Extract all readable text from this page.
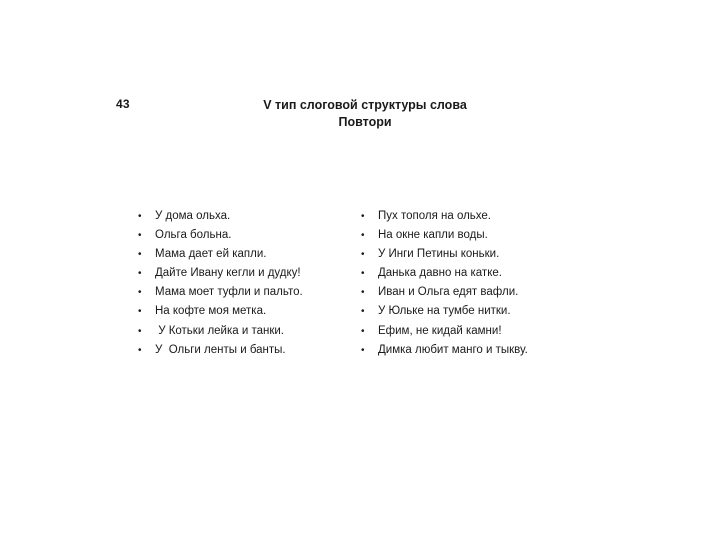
43	V тип слоговой структуры слова
Повтори
• У дома ольха.
• Ольга больна.
• Мама дает ей капли.
• Дайте Ивану кегли и дудку!
• Мама моет туфли и пальто.
• На кофте моя метка.
• У Котьки лейка и танки.
• У  Ольги ленты и банты.
• Пух тополя на ольхе.
• На окне капли воды.
• У Инги Петины коньки.
• Данька давно на катке.
• Иван и Ольга едят вафли.
• У Юльке на тумбе нитки.
• Ефим, не кидай камни!
• Димка любит манго и тыкву.
